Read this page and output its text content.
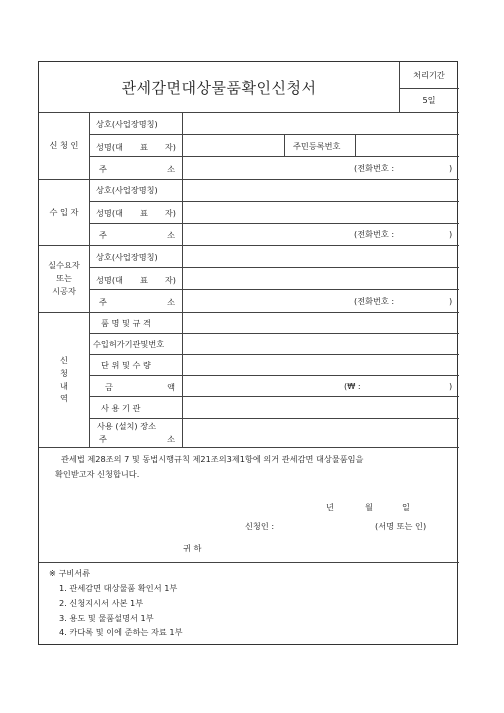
관세감면대상물품확인신청서
처리기간
5일
신 청 인
상호(사업장명칭)
성명(대 표 자)	주민등록번호
주	소	(전화번호 :	)
수 입 자
상호(사업장명칭)
성명(대 표 자)
주	소	(전화번호 :	)
실수요자
또는
시공자
상호(사업장명칭)
성명(대 표 자)
주	소	(전화번호 :	)
신
청
내
역
품 명 및 규 격
수입허가기관및번호
단 위 및 수 량
금	액	(₩ :	)
사 용 기 관
사용 (설치) 장소
주	소
관세법 제28조의 7 및 동법시행규칙 제21조의3제1항에 의거 관세감면 대상물품임을
확인받고자 신청합니다.
년	월	일
신청인 :	(서명 또는 인)
귀 하
※ 구비서류
1. 관세감면 대상물품 확인서 1부
2. 신청지시서 사본 1부
3. 용도 및 물품설명서 1부
4. 카다록 및 이에 준하는 자료 1부
